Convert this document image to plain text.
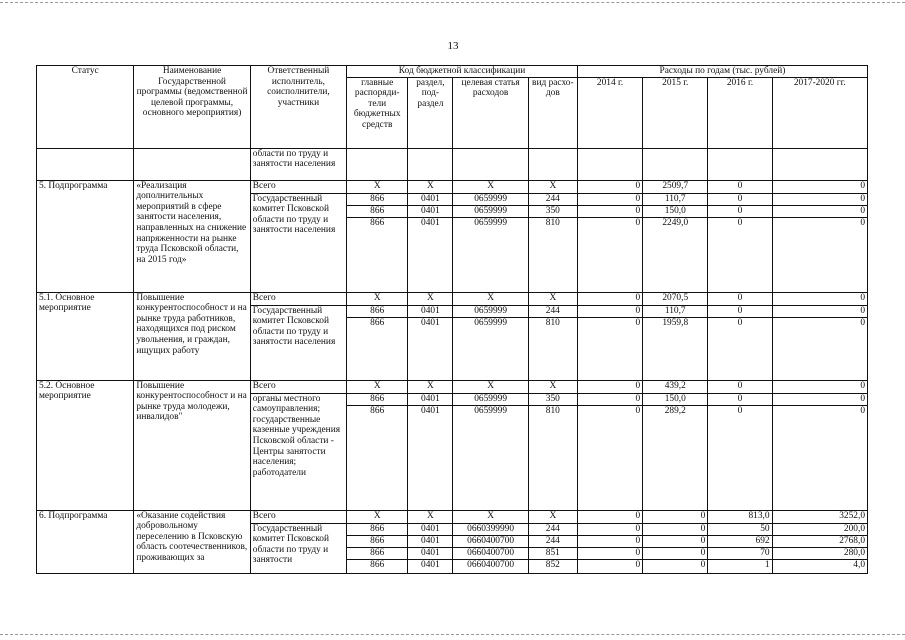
13
Статус	Наименование Государственной программы (ведомственной целевой программы, основного мероприятия)	Ответственный исполнитель, соисполнители, участники	Код бюджетной классификации				Расходы по годам (тыс. рублей)			
			главные распоряди- тели бюджетных средств	раздел, под- раздел	целевая статья расходов	вид расхо- дов	2014 г.	2015 г.	2016 г.	2017-2020 гг.
		области по труду и занятости населения								
5. Подпрограмма	«Реализация дополнительных мероприятий в сфере занятости населения, направленных на снижение напряженности на рынке труда Псковской области, на 2015 год»	Всего	X	X	X	X	0	2509,7	0	0
		Государственный комитет Псковской области по труду и занятости населения	866	0401	0659999	244	0	110,7	0	0
			866	0401	0659999	350	0	150,0	0	0
			866	0401	0659999	810	0	2249,0	0	0
5.1. Основное мероприятие	Повышение конкурентоспособност и на рынке труда работников, находящихся под риском увольнения, и граждан, ищущих работу	Всего	X	X	X	X	0	2070,5	0	0
		Государственный комитет Псковской области по труду и занятости населения	866	0401	0659999	244	0	110,7	0	0
			866	0401	0659999	810	0	1959,8	0	0
5.2. Основное мероприятие	Повышение конкурентоспособност и на рынке труда молодежи, инвалидов"	Всего	X	X	X	X	0	439,2	0	0
		органы местного самоуправления; государственные казенные учреждения Псковской области - Центры занятости населения; работодатели	866	0401	0659999	350	0	150,0	0	0
			866	0401	0659999	810	0	289,2	0	0
6. Подпрограмма	«Оказание содействия добровольному переселению в Псковскую область соотечественников, проживающих за	Всего	X	X	X	X	0	0	813,0	3252,0
		Государственный комитет Псковской области по труду и занятости	866	0401	0660399990	244	0	0	50	200,0
			866	0401	0660400700	244	0	0	692	2768,0
			866	0401	0660400700	851	0	0	70	280,0
			866	0401	0660400700	852	0	0	1	4,0
